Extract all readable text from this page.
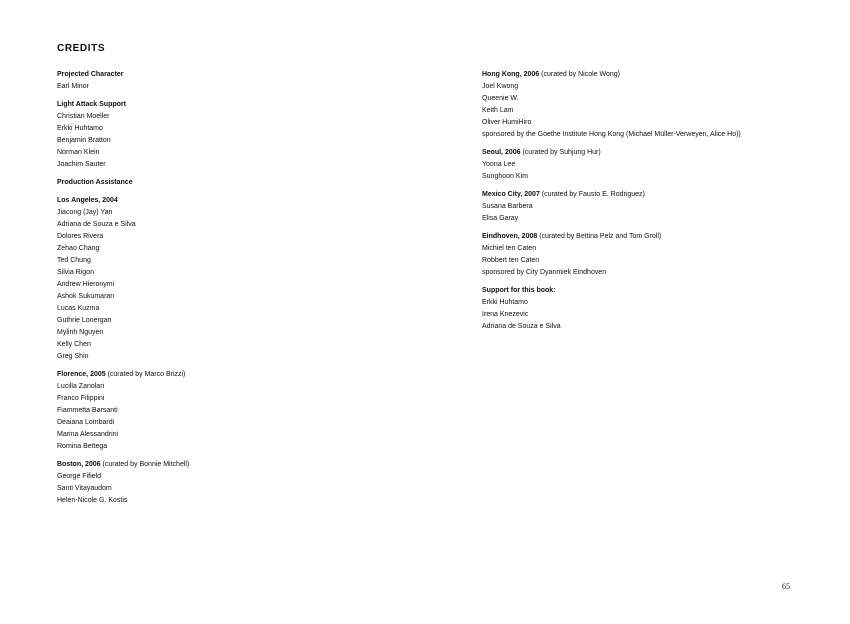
CREDITS
Projected Character
Earl Minor
Light Attack Support
Christian Moeller
Erkki Huhtamo
Benjamin Bratton
Norman Klein
Joachim Sauter
Production Assistance
Los Angeles, 2004
Jiacong (Jay) Yan
Adriana de Souza e Silva
Dolores Rivera
Zehao Chang
Ted Chung
Silvia Rigon
Andrew Hieronymi
Ashok Sukumaran
Lucas Kuzma
Guthrie Lonergan
Mylinh Nguyen
Kelly Chen
Greg Shin
Florence, 2005 (curated by Marco Brizzi)
Lucilla Zanolari
Franco Filippini
Fiammetta Barsanti
Deaiana Lombardi
Marina Alessandrini
Romina Bettega
Boston, 2006 (curated by Bonnie Mitchell)
George Fifield
Santi Vitayaudom
Helen-Nicole G. Kostis
Hong Kong, 2006 (curated by Nicole Wong)
Joel Kwong
Queenie W.
Keith Lam
Oliver HumiHiro
sponsored by the Goethe Institute Hong Kong (Michael Müller-Verweyen, Alice Ho))
Seoul, 2006 (curated by Suhjung Hur)
Yoona Lee
Sunghoon Kim
Mexico City, 2007 (curated by Fausto E. Rodriguez)
Susana Barbera
Elisa Garay
Eindhoven, 2008 (curated by Bettina Pelz and Tom Groll)
Michiel ten Caten
Robbert ten Caten
sponsored by City Dyanmiek Eindhoven
Support for this book:
Erkki Huhtamo
Irena Knezevic
Adriana de Souza e Silva
65
